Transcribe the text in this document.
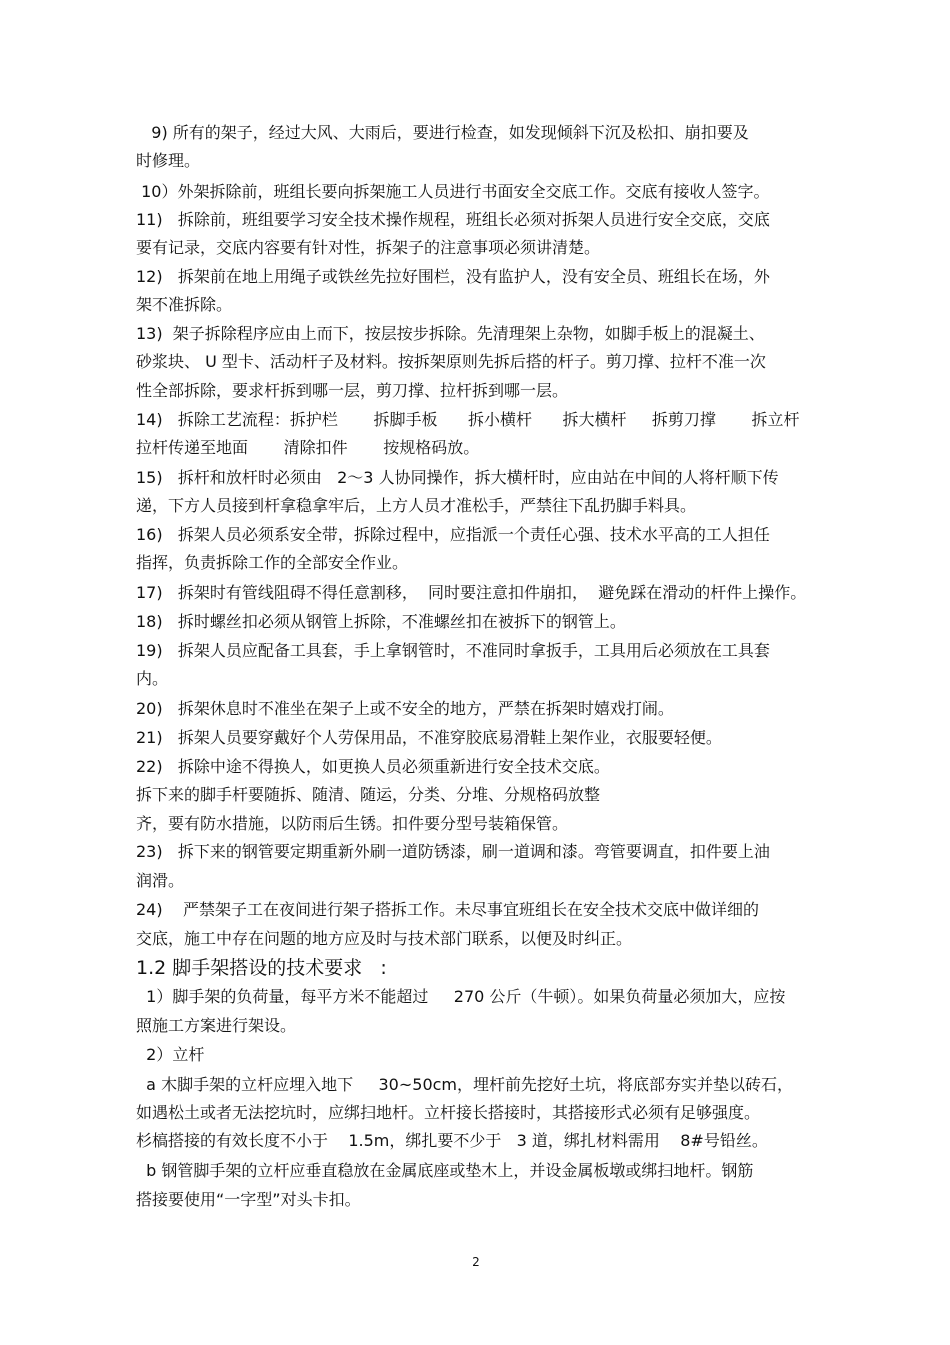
9) 所有的架子，经过大风、大雨后，要进行检查，如发现倾斜下沉及松扣、崩扣要及
时修理。
10）外架拆除前，班组长要向拆架施工人员进行书面安全交底工作。交底有接收人签字。
11)   拆除前，班组要学习安全技术操作规程，班组长必须对拆架人员进行安全交底，交底
要有记录，交底内容要有针对性，拆架子的注意事项必须讲清楚。
12)   拆架前在地上用绳子或铁丝先拉好围栏，没有监护人，没有安全员、班组长在场，外
架不准拆除。
13)  架子拆除程序应由上而下，按层按步拆除。先清理架上杂物，如脚手板上的混凝土、
砂浆块、 U 型卡、活动杆子及材料。按拆架原则先拆后搭的杆子。剪刀撑、拉杆不准一次
性全部拆除，要求杆拆到哪一层，剪刀撑、拉杆拆到哪一层。
14)   拆除工艺流程：拆护栏       拆脚手板      拆小横杆      拆大横杆     拆剪刀撑       拆立杆
拉杆传递至地面       清除扣件       按规格码放。
15)   拆杆和放杆时必须由   2～3 人协同操作，拆大横杆时，应由站在中间的人将杆顺下传
递，下方人员接到杆拿稳拿牢后，上方人员才准松手，严禁往下乱扔脚手料具。
16)   拆架人员必须系安全带，拆除过程中，应指派一个责任心强、技术水平高的工人担任
指挥，负责拆除工作的全部安全作业。
17)   拆架时有管线阻碍不得任意割移，  同时要注意扣件崩扣，  避免踩在滑动的杆件上操作。
18)   拆时螺丝扣必须从钢管上拆除，不准螺丝扣在被拆下的钢管上。
19)   拆架人员应配备工具套，手上拿钢管时，不准同时拿扳手，工具用后必须放在工具套
内。
20)   拆架休息时不准坐在架子上或不安全的地方，严禁在拆架时嬉戏打闹。
21)   拆架人员要穿戴好个人劳保用品，不准穿胶底易滑鞋上架作业，衣服要轻便。
22)   拆除中途不得换人，如更换人员必须重新进行安全技术交底。
拆下来的脚手杆要随拆、随清、随运，分类、分堆、分规格码放整
齐，要有防水措施，以防雨后生锈。扣件要分型号装箱保管。
23)   拆下来的钢管要定期重新外刷一道防锈漆，刷一道调和漆。弯管要调直，扣件要上油
润滑。
24)    严禁架子工在夜间进行架子搭拆工作。未尽事宜班组长在安全技术交底中做详细的
交底，施工中存在问题的地方应及时与技术部门联系，以便及时纠正。
1.2 脚手架搭设的技术要求   :
1）脚手架的负荷量，每平方米不能超过     270 公斤（牛顿）。如果负荷量必须加大，应按
照施工方案进行架设。
2）立杆
a 木脚手架的立杆应埋入地下     30~50cm，埋杆前先挖好土坑，将底部夯实并垫以砖石，
如遇松土或者无法挖坑时，应绑扫地杆。立杆接长搭接时，其搭接形式必须有足够强度。
杉槁搭接的有效长度不小于    1.5m，绑扎要不少于   3 道，绑扎材料需用    8#号铅丝。
b 钢管脚手架的立杆应垂直稳放在金属底座或垫木上，并设金属板墩或绑扫地杆。钢筋
搭接要使用“一字型”对头卡扣。
2
